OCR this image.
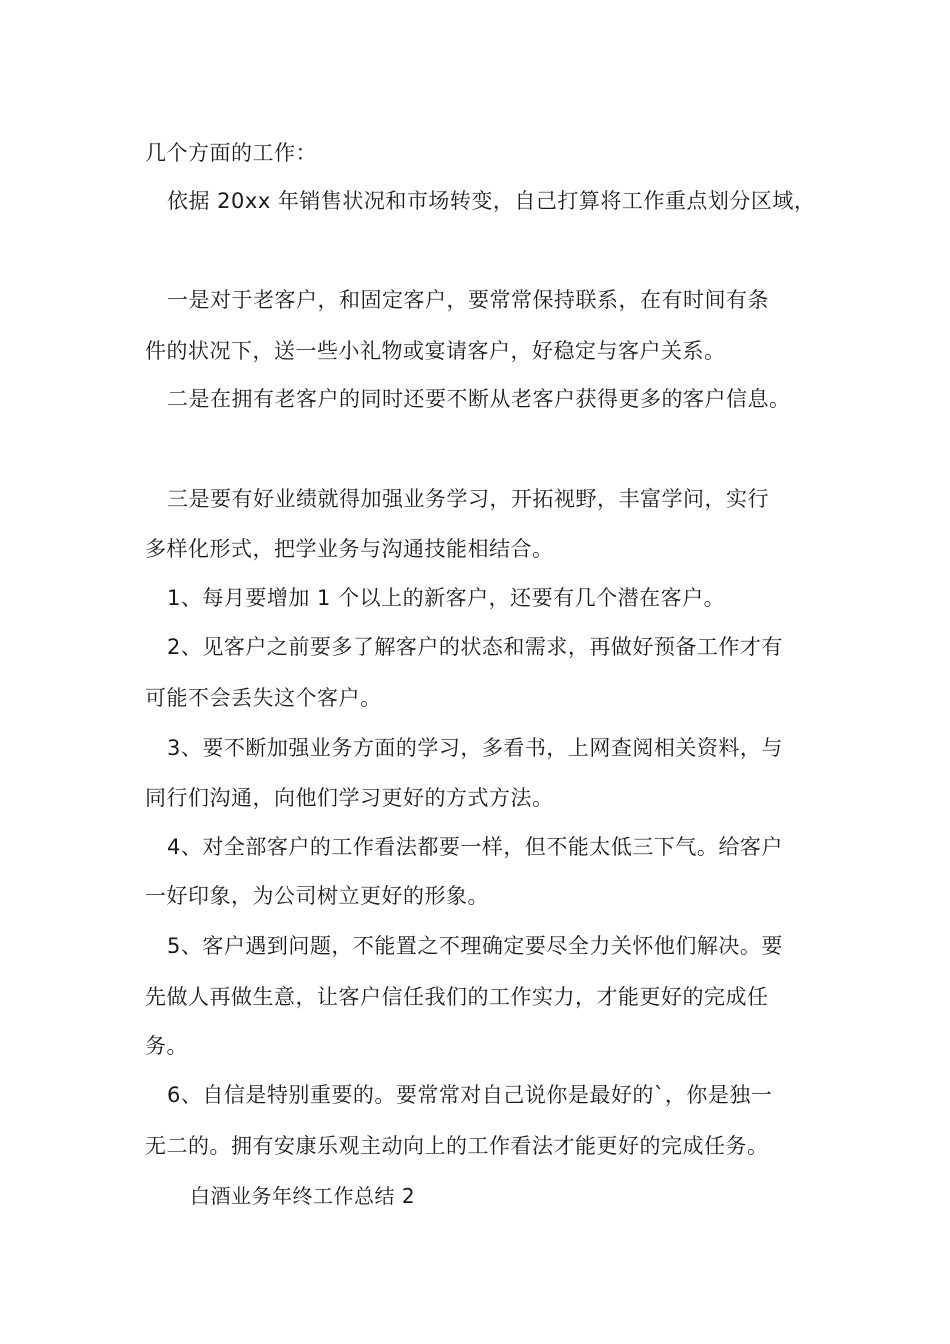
几个方面的工作：
依据 20xx 年销售状况和市场转变，自己打算将工作重点划分区域，
一是对于老客户，和固定客户，要常常保持联系，在有时间有条
件的状况下，送一些小礼物或宴请客户，好稳定与客户关系。
二是在拥有老客户的同时还要不断从老客户获得更多的客户信息。
三是要有好业绩就得加强业务学习，开拓视野，丰富学问，实行
多样化形式，把学业务与沟通技能相结合。
1、每月要增加 1 个以上的新客户，还要有几个潜在客户。
2、见客户之前要多了解客户的状态和需求，再做好预备工作才有
可能不会丢失这个客户。
3、要不断加强业务方面的学习，多看书，上网查阅相关资料，与
同行们沟通，向他们学习更好的方式方法。
4、对全部客户的工作看法都要一样，但不能太低三下气。给客户
一好印象，为公司树立更好的形象。
5、客户遇到问题，不能置之不理确定要尽全力关怀他们解决。要
先做人再做生意，让客户信任我们的工作实力，才能更好的完成任
务。
6、自信是特别重要的。要常常对自己说你是最好的`，你是独一
无二的。拥有安康乐观主动向上的工作看法才能更好的完成任务。
白酒业务年终工作总结 2
